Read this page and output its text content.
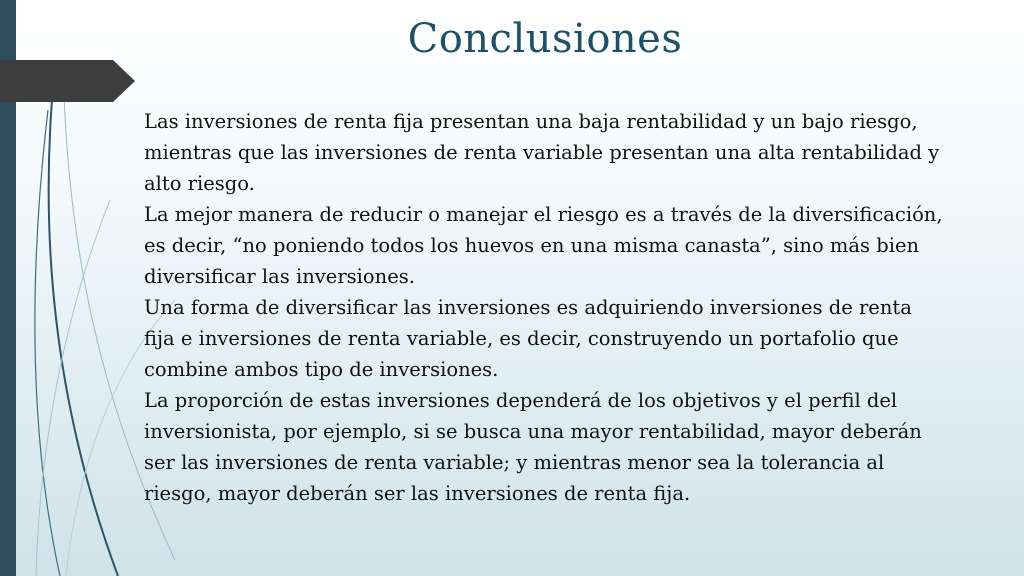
Conclusiones

Las inversiones de renta fija presentan una baja rentabilidad y un bajo riesgo, mientras que las inversiones de renta variable presentan una alta rentabilidad y alto riesgo.

La mejor manera de reducir o manejar el riesgo es a través de la diversificación, es decir, “no poniendo todos los huevos en una misma canasta”, sino más bien diversificar las inversiones.

Una forma de diversificar las inversiones es adquiriendo inversiones de renta fija e inversiones de renta variable, es decir, construyendo un portafolio que combine ambos tipo de inversiones.

La proporción de estas inversiones dependerá de los objetivos y el perfil del inversionista, por ejemplo, si se busca una mayor rentabilidad, mayor deberán ser las inversiones de renta variable; y mientras menor sea la tolerancia al riesgo, mayor deberán ser las inversiones de renta fija.
